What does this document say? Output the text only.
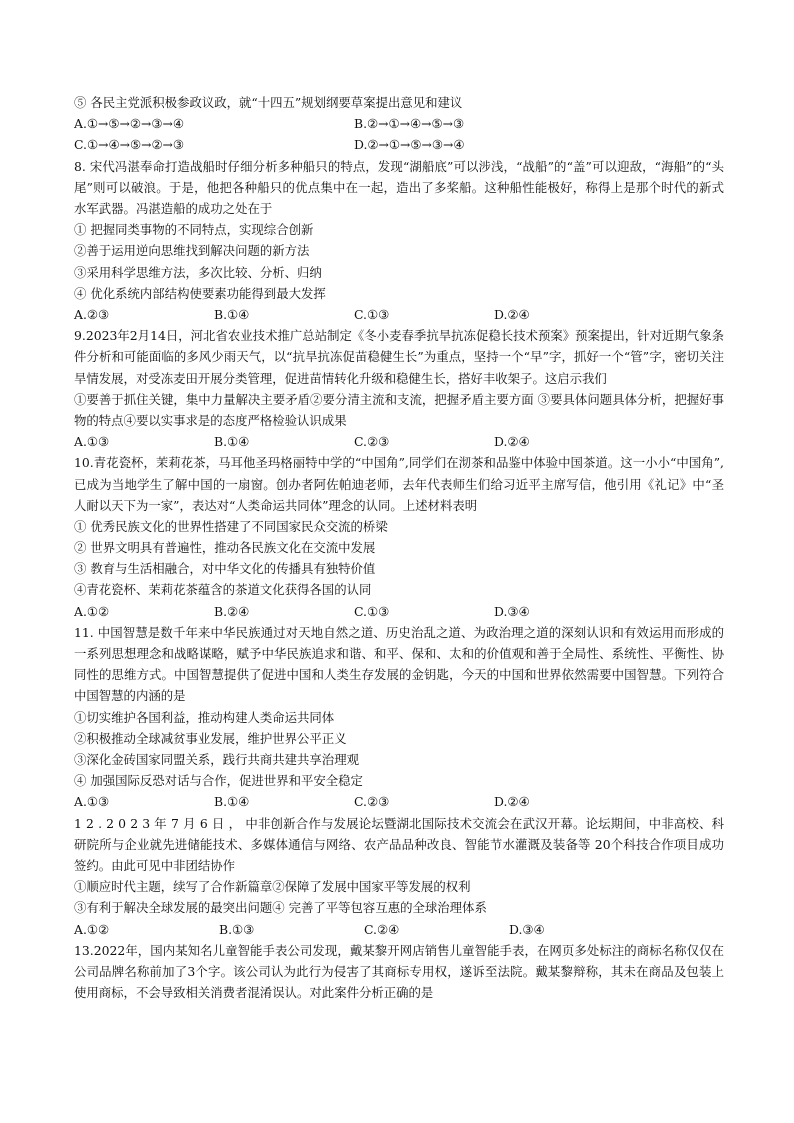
⑤ 各民主党派积极参政议政，就“十四五”规划纲要草案提出意见和建议
A.①→⑤→②→③→④	B.②→①→④→⑤→③
C.①→④→⑤→②→③	D.②→①→⑤→③→④
8. 宋代冯湛奉命打造战船时仔细分析多种船只的特点，发现“湖船底”可以涉浅，“战船”的“盖”可以迎敌，“海船”的“头尾”则可以破浪。于是，他把各种船只的优点集中在一起，造出了多桨船。这种船性能极好，称得上是那个时代的新式水军武器。冯湛造船的成功之处在于
① 把握同类事物的不同特点，实现综合创新
②善于运用逆向思维找到解决问题的新方法
③采用科学思维方法，多次比较、分析、归纳
④ 优化系统内部结构使要素功能得到最大发挥
A.②③	B.①④	C.①③	D.②④
9.2023年2月14日，河北省农业技术推广总站制定《冬小麦春季抗旱抗冻促稳长技术预案》预案提出，针对近期气象条件分析和可能面临的多风少雨天气，以“抗旱抗冻促苗稳健生长”为重点，坚持一个“早”字，抓好一个“管”字，密切关注旱情发展，对受冻麦田开展分类管理，促进苗情转化升级和稳健生长，搭好丰收架子。这启示我们
①要善于抓住关键，集中力量解决主要矛盾②要分清主流和支流，把握矛盾主要方面 ③要具体问题具体分析，把握好事物的特点④要以实事求是的态度严格检验认识成果
A.①③	B.①④	C.②③	D.②④
10.青花瓷杯，茉莉花茶，马耳他圣玛格丽特中学的“中国角”,同学们在沏茶和品鉴中体验中国茶道。这一小小“中国角”,已成为当地学生了解中国的一扇窗。创办者阿佐帕迪老师，去年代表师生们给习近平主席写信，他引用《礼记》中“圣人耐以天下为一家”，表达对“人类命运共同体”理念的认同。上述材料表明
① 优秀民族文化的世界性搭建了不同国家民众交流的桥梁
② 世界文明具有普遍性，推动各民族文化在交流中发展
③ 教育与生活相融合，对中华文化的传播具有独特价值
④青花瓷杯、茉莉花茶蕴含的茶道文化获得各国的认同
A.①②	B.②④	C.①③	D.③④
11. 中国智慧是数千年来中华民族通过对天地自然之道、历史治乱之道、为政治理之道的深刻认识和有效运用而形成的一系列思想理念和战略谋略，赋予中华民族追求和谐、和平、保和、太和的价值观和善于全局性、系统性、平衡性、协同性的思维方式。中国智慧提供了促进中国和人类生存发展的金钥匙，今天的中国和世界依然需要中国智慧。下列符合中国智慧的内涵的是
①切实维护各国利益，推动构建人类命运共同体
②积极推动全球减贫事业发展，维护世界公平正义
③深化金砖国家同盟关系，践行共商共建共享治理观
④ 加强国际反恐对话与合作，促进世界和平安全稳定
A.①③	B.①④	C.②③	D.②④
1 2 . 2 0 2 3 年 7 月 6 日 ， 中非创新合作与发展论坛暨湖北国际技术交流会在武汉开幕。论坛期间，中非高校、科研院所与企业就先进储能技术、多媒体通信与网络、农产品品种改良、智能节水灌溉及装备等 20个科技合作项目成功签约。由此可见中非团结协作
①顺应时代主题，续写了合作新篇章②保障了发展中国家平等发展的权利
③有利于解决全球发展的最突出问题④ 完善了平等包容互惠的全球治理体系
A.①②	B.①③	C.②④	D.③④
13.2022年，国内某知名儿童智能手表公司发现，戴某黎开网店销售儿童智能手表，在网页多处标注的商标名称仅仅在公司品牌名称前加了3个字。该公司认为此行为侵害了其商标专用权，遂诉至法院。戴某黎辩称，其未在商品及包装上使用商标，不会导致相关消费者混淆误认。对此案件分析正确的是
